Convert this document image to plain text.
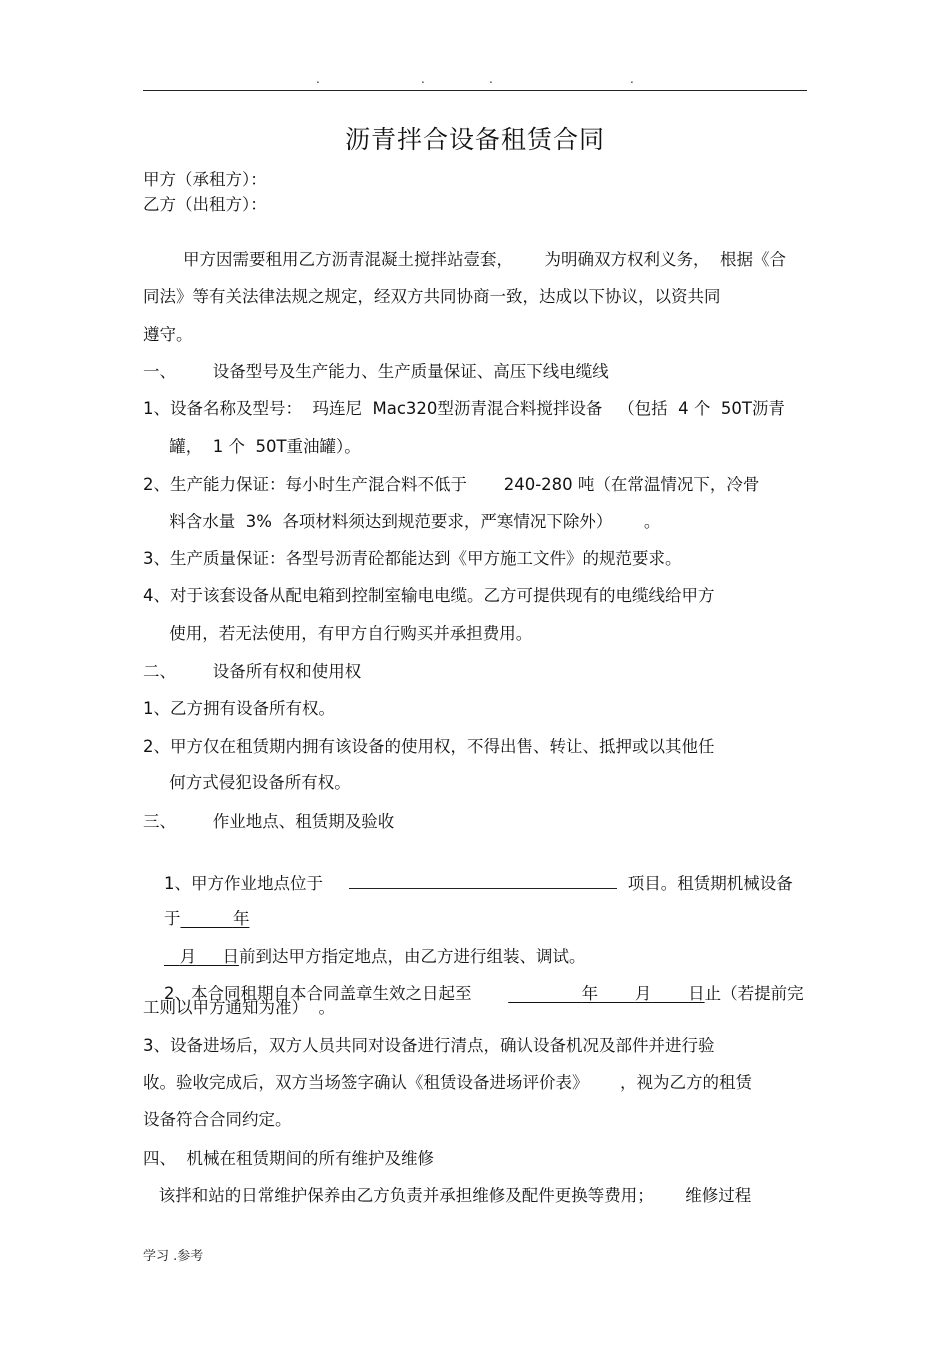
.	.	.	.
沥青拌合设备租赁合同
甲方（承租方）：
乙方（出租方）：
甲方因需要租用乙方沥青混凝土搅拌站壹套，      为明确双方权利义务，  根据《合
同法》等有关法律法规之规定，经双方共同协商一致，达成以下协议，以资共同
遵守。
一、       设备型号及生产能力、生产质量保证、高压下线电缆线
1、设备名称及型号：  玛连尼  Mac320型沥青混合料搅拌设备   （包括  4 个  50T沥青
罐，  1 个  50T重油罐）。
2、生产能力保证：每小时生产混合料不低于       240-280 吨（在常温情况下，冷骨
料含水量  3%  各项材料须达到规范要求，严寒情况下除外）      。
3、生产质量保证：各型号沥青砼都能达到《甲方施工文件》的规范要求。
4、对于该套设备从配电箱到控制室输电电缆。乙方可提供现有的电缆线给甲方
使用，若无法使用，有甲方自行购买并承担费用。
二、       设备所有权和使用权
1、乙方拥有设备所有权。
2、甲方仅在租赁期内拥有该设备的使用权，不得出售、转让、抵押或以其他任
何方式侵犯设备所有权。
三、       作业地点、租赁期及验收

1、甲方作业地点位于	项目。租赁期机械设备

于	年

月 日前到达甲方指定地点，由乙方进行组装、调试。

2、本合同租期自本合同盖章生效之日起至	年 月 日止（若提前完

工则以甲方通知为准）  。
3、设备进场后，双方人员共同对设备进行清点，确认设备机况及部件并进行验
收。验收完成后，双方当场签字确认《租赁设备进场评价表》      ，视为乙方的租赁
设备符合合同约定。
四、  机械在租赁期间的所有维护及维修
该拌和站的日常维护保养由乙方负责并承担维修及配件更换等费用；      维修过程
学习 .参考
